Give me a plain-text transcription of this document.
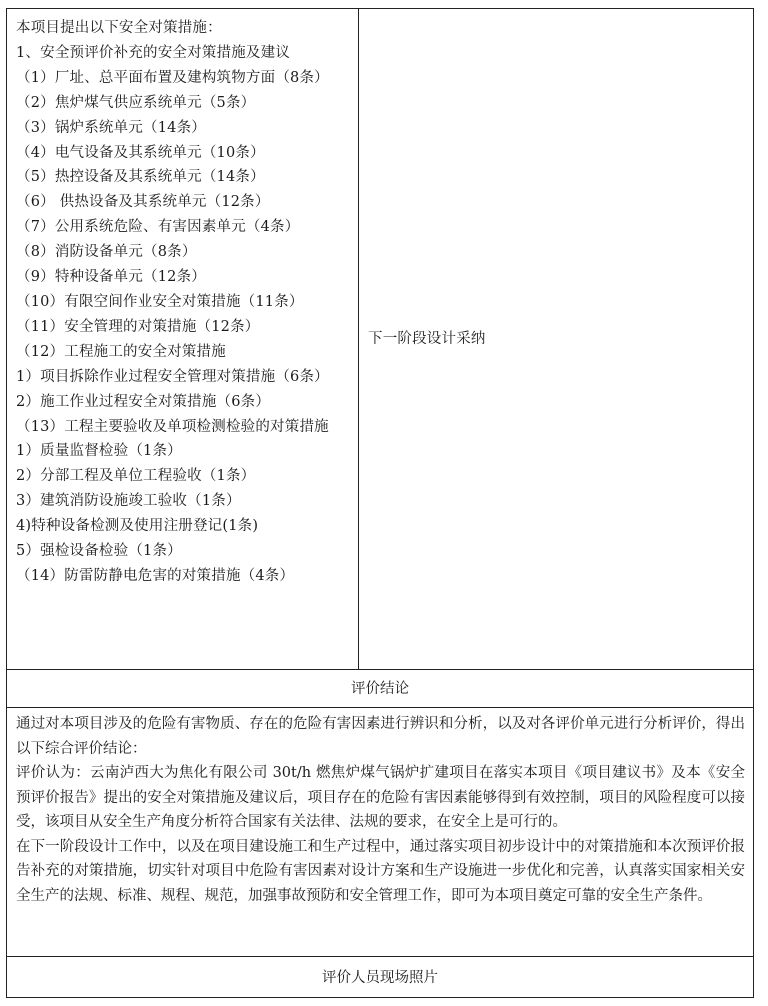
本项目提出以下安全对策措施：
1、安全预评价补充的安全对策措施及建议
（1）厂址、总平面布置及建构筑物方面（8条）
（2）焦炉煤气供应系统单元（5条）
（3）锅炉系统单元（14条）
（4）电气设备及其系统单元（10条）
（5）热控设备及其系统单元（14条）
（6） 供热设备及其系统单元（12条）
（7）公用系统危险、有害因素单元（4条）
（8）消防设备单元（8条）
（9）特种设备单元（12条）
（10）有限空间作业安全对策措施（11条）
（11）安全管理的对策措施（12条）
（12）工程施工的安全对策措施
1）项目拆除作业过程安全管理对策措施（6条）
2）施工作业过程安全对策措施（6条）
（13）工程主要验收及单项检测检验的对策措施
1）质量监督检验（1条）
2）分部工程及单位工程验收（1条）
3）建筑消防设施竣工验收（1条）
4)特种设备检测及使用注册登记(1条)
5）强检设备检验（1条）
（14）防雷防静电危害的对策措施（4条）
下一阶段设计采纳
评价结论

通过对本项目涉及的危险有害物质、存在的危险有害因素进行辨识和分析，以及对各评价单元进行分析评价，得出以下综合评价结论：

评价认为：云南泸西大为焦化有限公司 30t/h 燃焦炉煤气锅炉扩建项目在落实本项目《项目建议书》及本《安全预评价报告》提出的安全对策措施及建议后，项目存在的危险有害因素能够得到有效控制，项目的风险程度可以接受，该项目从安全生产角度分析符合国家有关法律、法规的要求，在安全上是可行的。

在下一阶段设计工作中，以及在项目建设施工和生产过程中，通过落实项目初步设计中的对策措施和本次预评价报告补充的对策措施，切实针对项目中危险有害因素对设计方案和生产设施进一步优化和完善，认真落实国家相关安全生产的法规、标准、规程、规范，加强事故预防和安全管理工作，即可为本项目奠定可靠的安全生产条件。

评价人员现场照片
